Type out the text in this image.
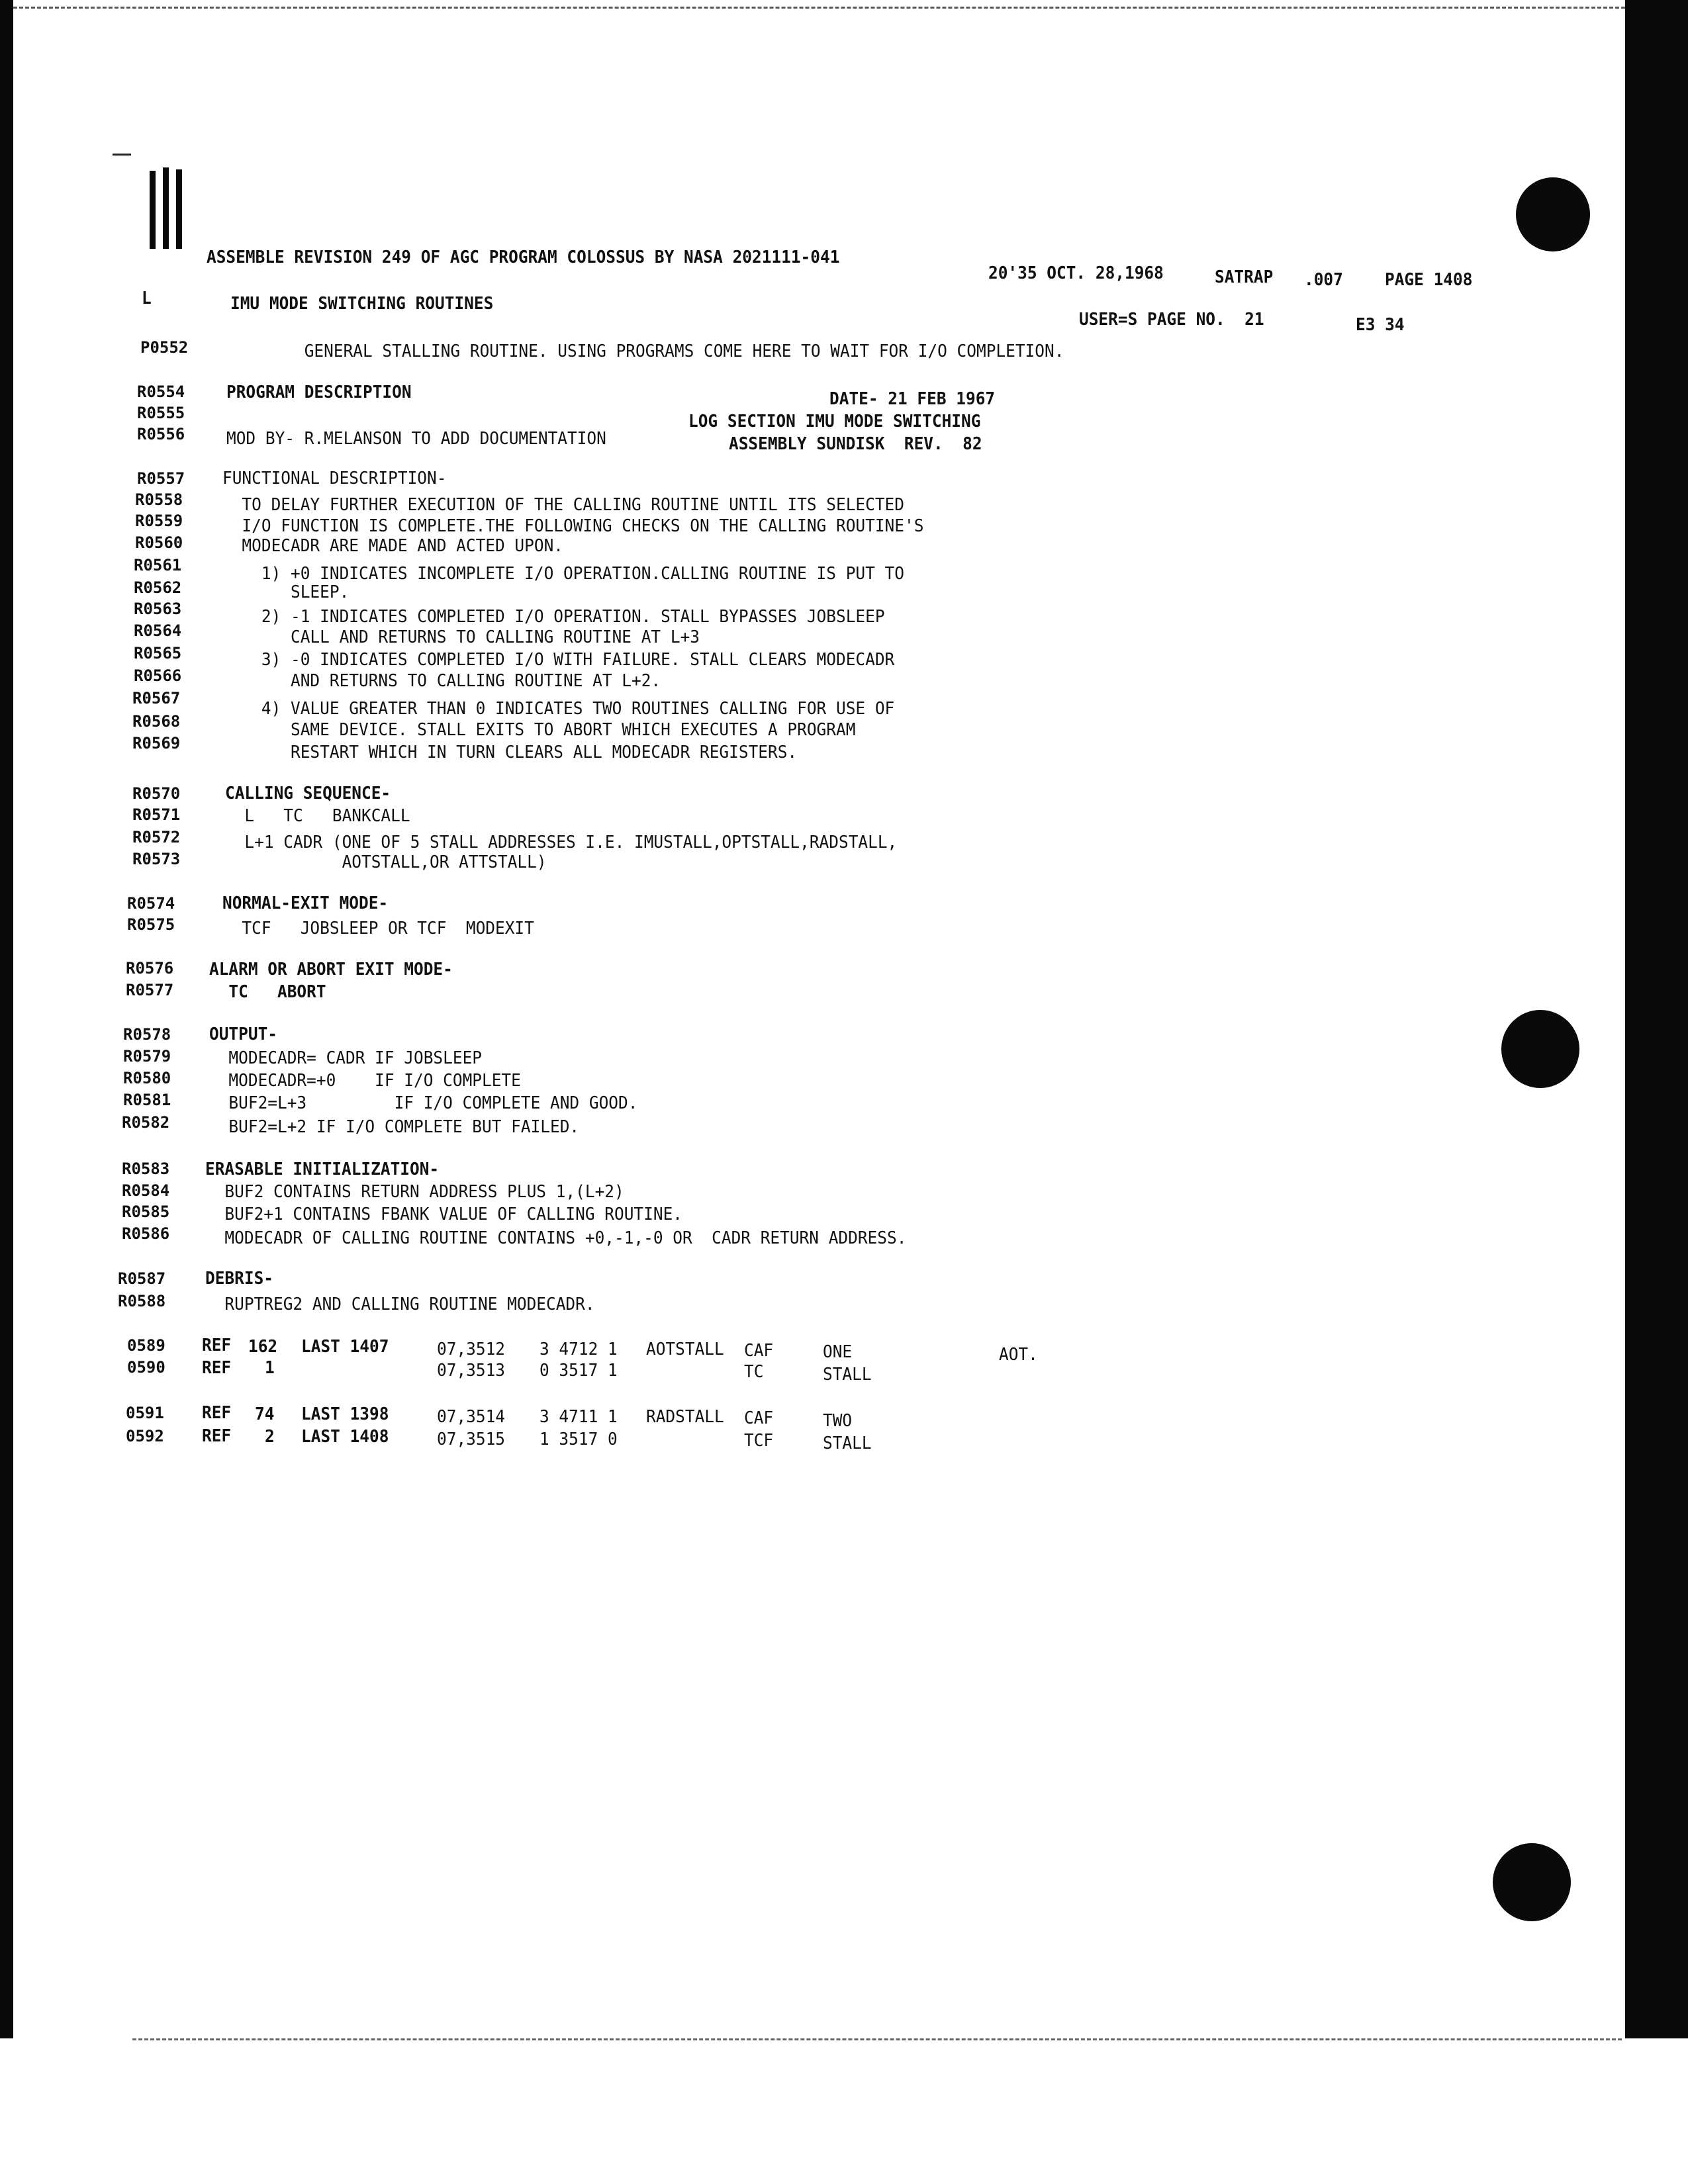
ASSEMBLE REVISION 249 OF AGC PROGRAM COLOSSUS BY NASA 2021111-041
20'35 OCT. 28,1968	SATRAP .007 PAGE 1408
L	IMU MODE SWITCHING ROUTINES
USER=S PAGE NO.  21	E3 34
P0552 GENERAL STALLING ROUTINE. USING PROGRAMS COME HERE TO WAIT FOR I/O COMPLETION.
R0554 PROGRAM DESCRIPTION
R0555
R0556 MOD BY- R.MELANSON TO ADD DOCUMENTATION
R0557 FUNCTIONAL DESCRIPTION-
R0558 TO DELAY FURTHER EXECUTION OF THE CALLING ROUTINE UNTIL ITS SELECTED
R0559 I/O FUNCTION IS COMPLETE.THE FOLLOWING CHECKS ON THE CALLING ROUTINE'S
R0560 MODECADR ARE MADE AND ACTED UPON.
R0561 1) +0 INDICATES INCOMPLETE I/O OPERATION.CALLING ROUTINE IS PUT TO
R0562 SLEEP.
R0563 2) -1 INDICATES COMPLETED I/O OPERATION. STALL BYPASSES JOBSLEEP
R0564 CALL AND RETURNS TO CALLING ROUTINE AT L+3
R0565 3) -0 INDICATES COMPLETED I/O WITH FAILURE. STALL CLEARS MODECADR
R0566 AND RETURNS TO CALLING ROUTINE AT L+2.
R0567
4) VALUE GREATER THAN 0 INDICATES TWO ROUTINES CALLING FOR USE OF
R0568 SAME DEVICE. STALL EXITS TO ABORT WHICH EXECUTES A PROGRAM
R0569 RESTART WHICH IN TURN CLEARS ALL MODECADR REGISTERS.
R0570	CALLING SEQUENCE-
R0571	L   TC   BANKCALL
R0572	L+1 CADR (ONE OF 5 STALL ADDRESSES I.E. IMUSTALL,OPTSTALL,RADSTALL,
R0573	AOTSTALL,OR ATTSTALL)
R0574	NORMAL-EXIT MODE-
R0575	TCF   JOBSLEEP OR TCF  MODEXIT
R0576 ALARM OR ABORT EXIT MODE-
R0577 TC   ABORT
R0578 OUTPUT-
R0579 MODECADR= CADR IF JOBSLEEP
R0580 MODECADR=+0    IF I/O COMPLETE
R0581 BUF2=L+3         IF I/O COMPLETE AND GOOD.
R0582 BUF2=L+2 IF I/O COMPLETE BUT FAILED.
R0583 ERASABLE INITIALIZATION-
R0584 BUF2 CONTAINS RETURN ADDRESS PLUS 1,(L+2)
R0585 BUF2+1 CONTAINS FBANK VALUE OF CALLING ROUTINE.
R0586 MODECADR OF CALLING ROUTINE CONTAINS +0,-1,-0 OR  CADR RETURN ADDRESS.
R0587 DEBRIS-
R0588 RUPTREG2 AND CALLING ROUTINE MODECADR.
DATE- 21 FEB 1967
LOG SECTION IMU MODE SWITCHING
ASSEMBLY SUNDISK  REV.  82
0589 REF 162 LAST 1407	07,3512 3 4712 1 AOTSTALL CAF	ONE	AOT.
0590 REF 1	07,3513 0 3517 1	TC	STALL
0591 REF 74 LAST 1398	07,3514 3 4711 1 RADSTALL CAF	TWO
0592 REF 2 LAST 1408	07,3515 1 3517 0	TCF	STALL
